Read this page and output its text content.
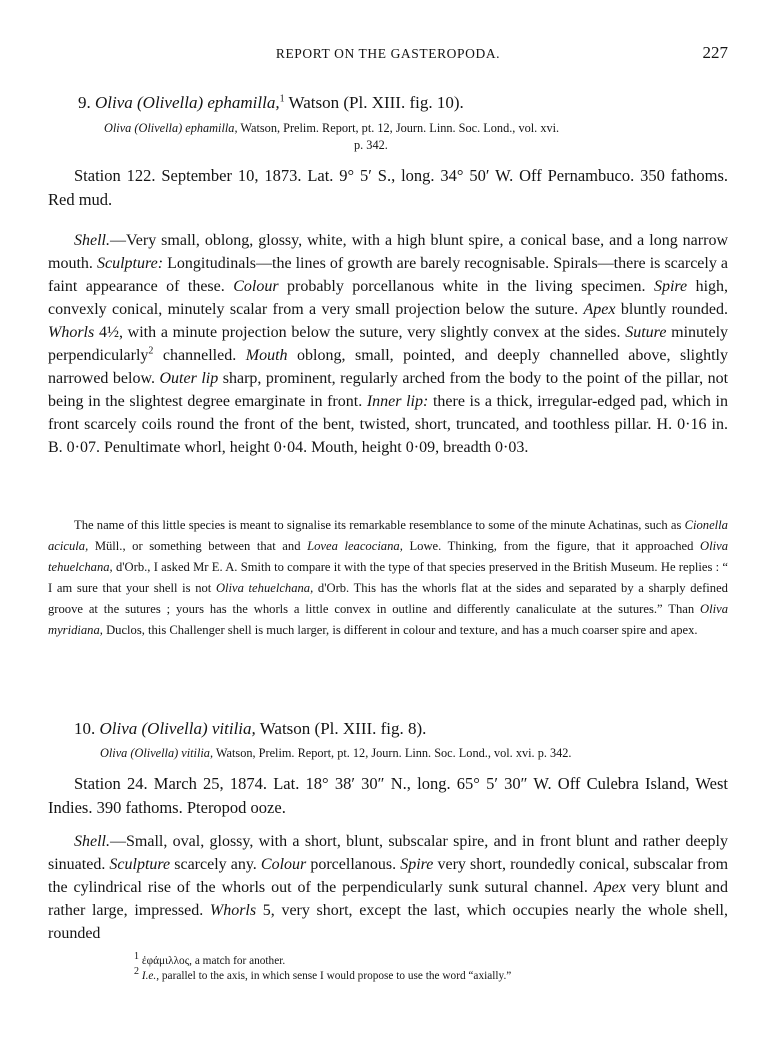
REPORT ON THE GASTEROPODA.	227

9. Oliva (Olivella) ephamilla,$^1$ Watson (Pl. XIII. fig. 10).

Oliva (Olivella) ephamilla, Watson, Prelim. Report, pt. 12, Journ. Linn. Soc. Lond., vol. xvi.
p. 342.

Station 122. September 10, 1873. Lat. 9° 5′ S., long. 34° 50′ W. Off Pernambuco. 350 fathoms. Red mud.

Shell.—Very small, oblong, glossy, white, with a high blunt spire, a conical base, and a long narrow mouth. Sculpture: Longitudinals—the lines of growth are barely recognisable. Spirals—there is scarcely a faint appearance of these. Colour probably porcellanous white in the living specimen. Spire high, convexly conical, minutely scalar from a very small projection below the suture. Apex bluntly rounded. Whorls 4½, with a minute projection below the suture, very slightly convex at the sides. Suture minutely perpendicularly$^2$ channelled. Mouth oblong, small, pointed, and deeply channelled above, slightly narrowed below. Outer lip sharp, prominent, regularly arched from the body to the point of the pillar, not being in the slightest degree emarginate in front. Inner lip: there is a thick, irregular-edged pad, which in front scarcely coils round the front of the bent, twisted, short, truncated, and toothless pillar. H. 0·16 in. B. 0·07. Penultimate whorl, height 0·04. Mouth, height 0·09, breadth 0·03.

The name of this little species is meant to signalise its remarkable resemblance to some of the minute Achatinas, such as Cionella acicula, Müll., or something between that and Lovea leacociana, Lowe. Thinking, from the figure, that it approached Oliva tehuelchana, d'Orb., I asked Mr E. A. Smith to compare it with the type of that species preserved in the British Museum. He replies : “ I am sure that your shell is not Oliva tehuelchana, d'Orb. This has the whorls flat at the sides and separated by a sharply defined groove at the sutures ; yours has the whorls a little convex in outline and differently canaliculate at the sutures.” Than Oliva myridiana, Duclos, this Challenger shell is much larger, is different in colour and texture, and has a much coarser spire and apex.

10. Oliva (Olivella) vitilia, Watson (Pl. XIII. fig. 8).

Oliva (Olivella) vitilia, Watson, Prelim. Report, pt. 12, Journ. Linn. Soc. Lond., vol. xvi. p. 342.

Station 24. March 25, 1874. Lat. 18° 38′ 30″ N., long. 65° 5′ 30″ W. Off Culebra Island, West Indies. 390 fathoms. Pteropod ooze.

Shell.—Small, oval, glossy, with a short, blunt, subscalar spire, and in front blunt and rather deeply sinuated. Sculpture scarcely any. Colour porcellanous. Spire very short, roundedly conical, subscalar from the cylindrical rise of the whorls out of the perpendicularly sunk sutural channel. Apex very blunt and rather large, impressed. Whorls 5, very short, except the last, which occupies nearly the whole shell, rounded

1 ἐφάμιλλος, a match for another.

2 I.e., parallel to the axis, in which sense I would propose to use the word “axially.”
